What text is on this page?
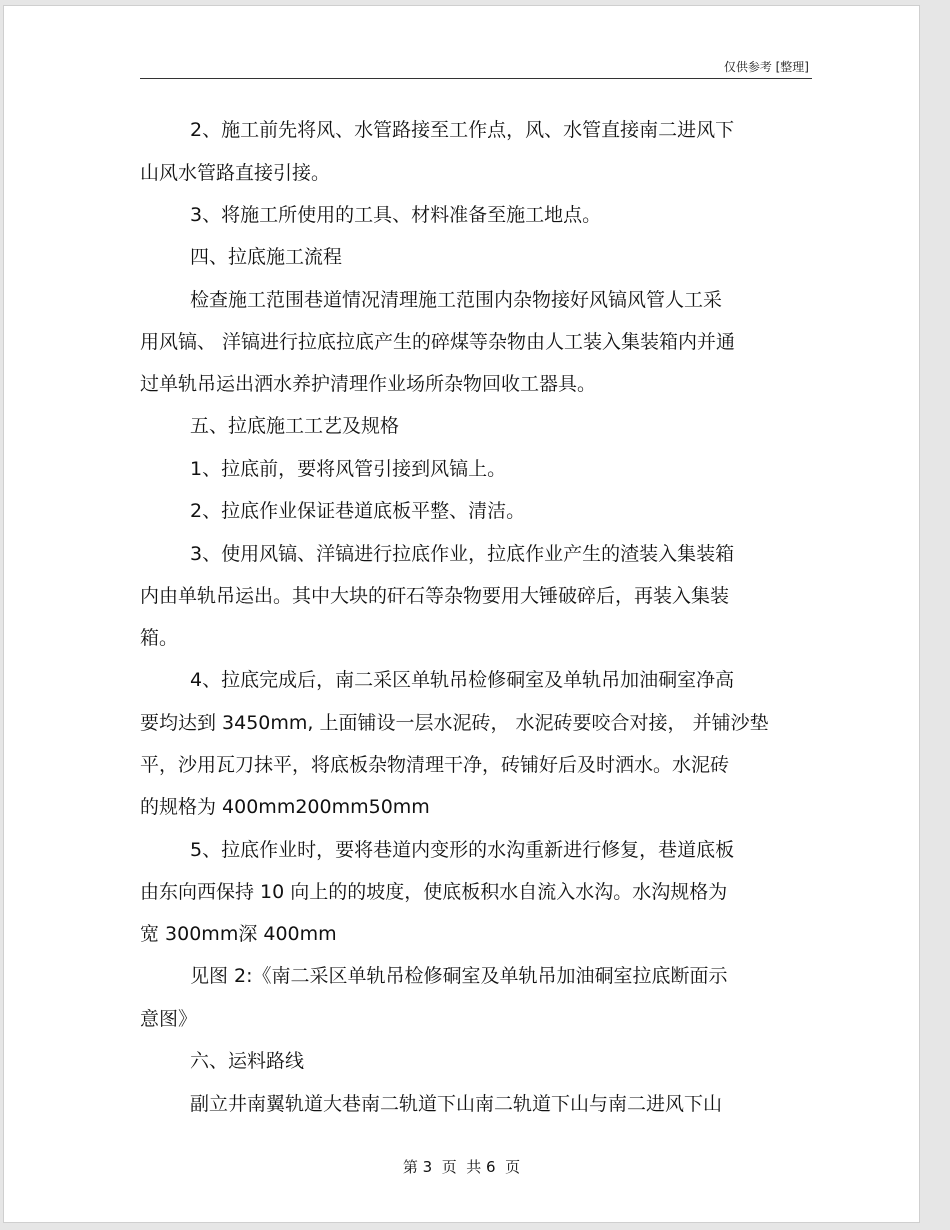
仅供参考 [整理]
2、施工前先将风、水管路接至工作点，风、水管直接南二进风下
山风水管路直接引接。
3、将施工所使用的工具、材料准备至施工地点。
四、拉底施工流程
检查施工范围巷道情况清理施工范围内杂物接好风镐风管人工采
用风镐、 洋镐进行拉底拉底产生的碎煤等杂物由人工装入集装箱内并通
过单轨吊运出洒水养护清理作业场所杂物回收工器具。
五、拉底施工工艺及规格
1、拉底前，要将风管引接到风镐上。
2、拉底作业保证巷道底板平整、清洁。
3、使用风镐、洋镐进行拉底作业，拉底作业产生的渣装入集装箱
内由单轨吊运出。其中大块的矸石等杂物要用大锤破碎后，再装入集装
箱。
4、拉底完成后，南二采区单轨吊检修硐室及单轨吊加油硐室净高
要均达到 3450mm, 上面铺设一层水泥砖， 水泥砖要咬合对接， 并铺沙垫
平，沙用瓦刀抹平，将底板杂物清理干净，砖铺好后及时洒水。水泥砖
的规格为 400mm200mm50mm
5、拉底作业时，要将巷道内变形的水沟重新进行修复，巷道底板
由东向西保持 10 向上的的坡度，使底板积水自流入水沟。水沟规格为
宽 300mm深 400mm
见图 2:《南二采区单轨吊检修硐室及单轨吊加油硐室拉底断面示
意图》
六、运料路线
副立井南翼轨道大巷南二轨道下山南二轨道下山与南二进风下山
第 3  页  共 6  页
